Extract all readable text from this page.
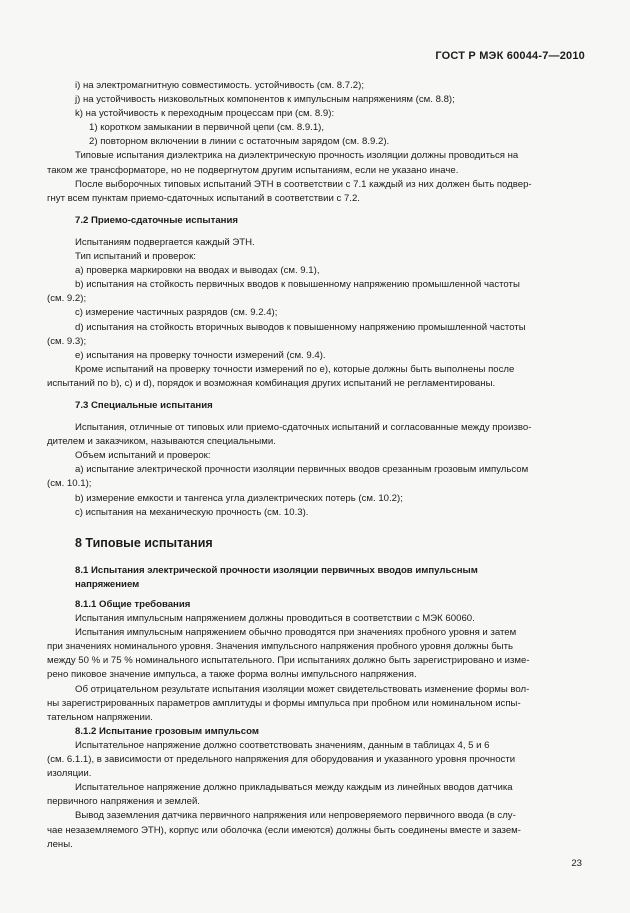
ГОСТ Р МЭК 60044-7—2010
i) на электромагнитную совместимость. устойчивость (см. 8.7.2);
j) на устойчивость низковольтных компонентов к импульсным напряжениям (см. 8.8);
k) на устойчивость к переходным процессам при (см. 8.9):
1) коротком замыкании в первичной цепи (см. 8.9.1),
2) повторном включении в линии с остаточным зарядом (см. 8.9.2).
Типовые испытания диэлектрика на диэлектрическую прочность изоляции должны проводиться на
таком же трансформаторе, но не подвергнутом другим испытаниям, если не указано иначе.
После выборочных типовых испытаний ЭТН в соответствии с 7.1 каждый из них должен быть подвер-
гнут всем пунктам приемо-сдаточных испытаний в соответствии с 7.2.
7.2 Приемо-сдаточные испытания
Испытаниям подвергается каждый ЭТН.
Тип испытаний и проверок:
a) проверка маркировки на вводах и выводах (см. 9.1),
b) испытания на стойкость первичных вводов к повышенному напряжению промышленной частоты
(см. 9.2);
c) измерение частичных разрядов (см. 9.2.4);
d) испытания на стойкость вторичных выводов к повышенному напряжению промышленной частоты
(см. 9.3);
e) испытания на проверку точности измерений (см. 9.4).
Кроме испытаний на проверку точности измерений по е), которые должны быть выполнены после
испытаний по b), c) и d), порядок и возможная комбинация других испытаний не регламентированы.
7.3 Специальные испытания
Испытания, отличные от типовых или приемо-сдаточных испытаний и согласованные между произво-
дителем и заказчиком, называются специальными.
Объем испытаний и проверок:
a) испытание электрической прочности изоляции первичных вводов срезанным грозовым импульсом
(см. 10.1);
b) измерение емкости и тангенса угла диэлектрических потерь (см. 10.2);
c) испытания на механическую прочность (см. 10.3).
8 Типовые испытания
8.1 Испытания электрической прочности изоляции первичных вводов импульсным
напряжением
8.1.1 Общие требования
Испытания импульсным напряжением должны проводиться в соответствии с МЭК 60060.
Испытания импульсным напряжением обычно проводятся при значениях пробного уровня и затем
при значениях номинального уровня. Значения импульсного напряжения пробного уровня должны быть
между 50 % и 75 % номинального испытательного. При испытаниях должно быть зарегистрировано и изме-
рено пиковое значение импульса, а также форма волны импульсного напряжения.
Об отрицательном результате испытания изоляции может свидетельствовать изменение формы вол-
ны зарегистрированных параметров амплитуды и формы импульса при пробном или номинальном испы-
тательном напряжении.
8.1.2 Испытание грозовым импульсом
Испытательное напряжение должно соответствовать значениям, данным в таблицах 4, 5 и 6
(см. 6.1.1), в зависимости от предельного напряжения для оборудования и указанного уровня прочности
изоляции.
Испытательное напряжение должно прикладываться между каждым из линейных вводов датчика
первичного напряжения и землей.
Вывод заземления датчика первичного напряжения или непроверяемого первичного ввода (в слу-
чае незаземляемого ЭТН), корпус или оболочка (если имеются) должны быть соединены вместе и зазем-
лены.
23
